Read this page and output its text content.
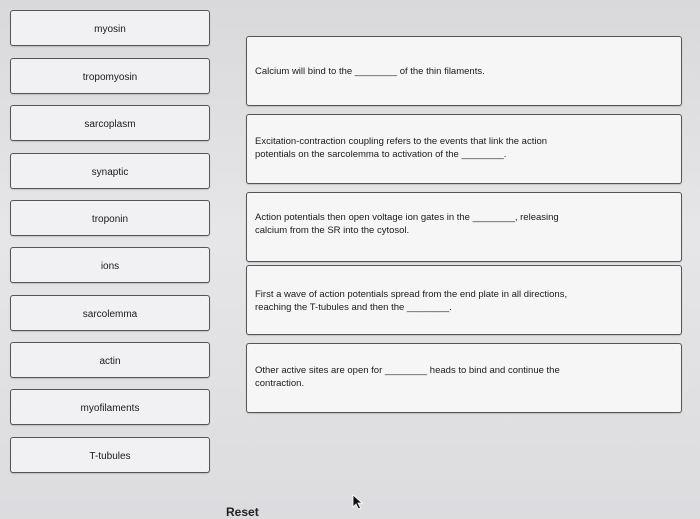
myosin
tropomyosin
sarcoplasm
synaptic
troponin
ions
sarcolemma
actin
myofilaments
T-tubules
Calcium will bind to the ________ of the thin filaments.
Excitation-contraction coupling refers to the events that link the action
potentials on the sarcolemma to activation of the ________.
Action potentials then open voltage ion gates in the ________, releasing
calcium from the SR into the cytosol.
First a wave of action potentials spread from the end plate in all directions,
reaching the T-tubules and then the ________.
Other active sites are open for ________ heads to bind and continue the
contraction.
Reset
